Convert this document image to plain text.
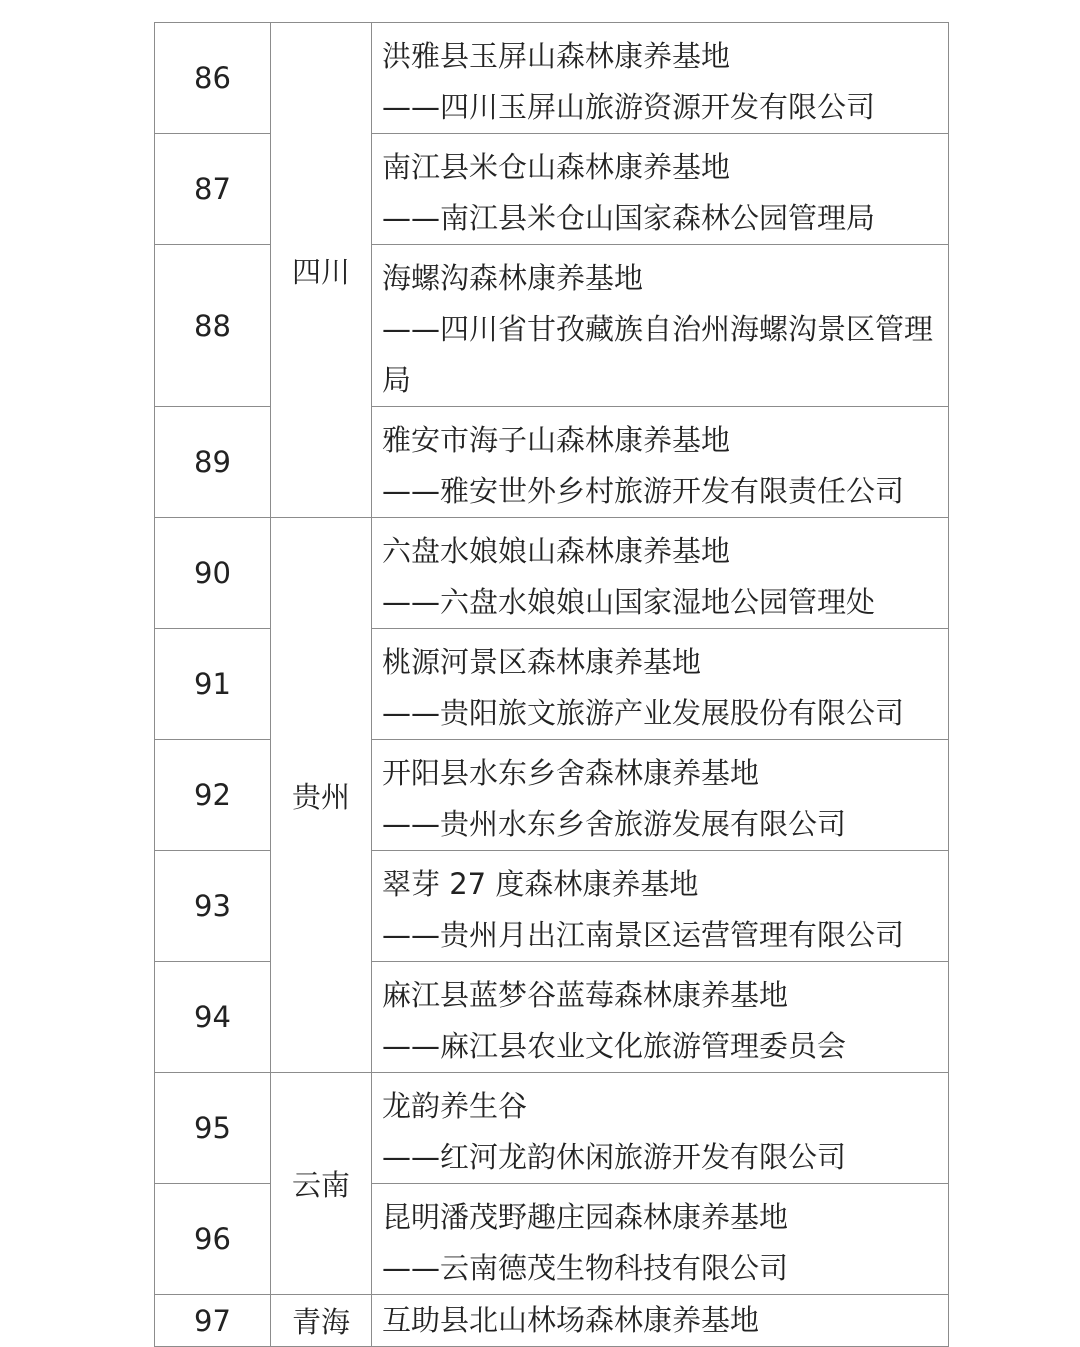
86	四川	洪雅县玉屏山森林康养基地
——四川玉屏山旅游资源开发有限公司

87		南江县米仓山森林康养基地
——南江县米仓山国家森林公园管理局

88		海螺沟森林康养基地
——四川省甘孜藏族自治州海螺沟景区管理局

89		雅安市海子山森林康养基地
——雅安世外乡村旅游开发有限责任公司

90	贵州	六盘水娘娘山森林康养基地
——六盘水娘娘山国家湿地公园管理处

91		桃源河景区森林康养基地
——贵阳旅文旅游产业发展股份有限公司

92		开阳县水东乡舍森林康养基地
——贵州水东乡舍旅游发展有限公司

93		翠芽 27 度森林康养基地
——贵州月出江南景区运营管理有限公司

94		麻江县蓝梦谷蓝莓森林康养基地
——麻江县农业文化旅游管理委员会

95	云南	龙韵养生谷
——红河龙韵休闲旅游开发有限公司

96		昆明潘茂野趣庄园森林康养基地
——云南德茂生物科技有限公司

97	青海	互助县北山林场森林康养基地
